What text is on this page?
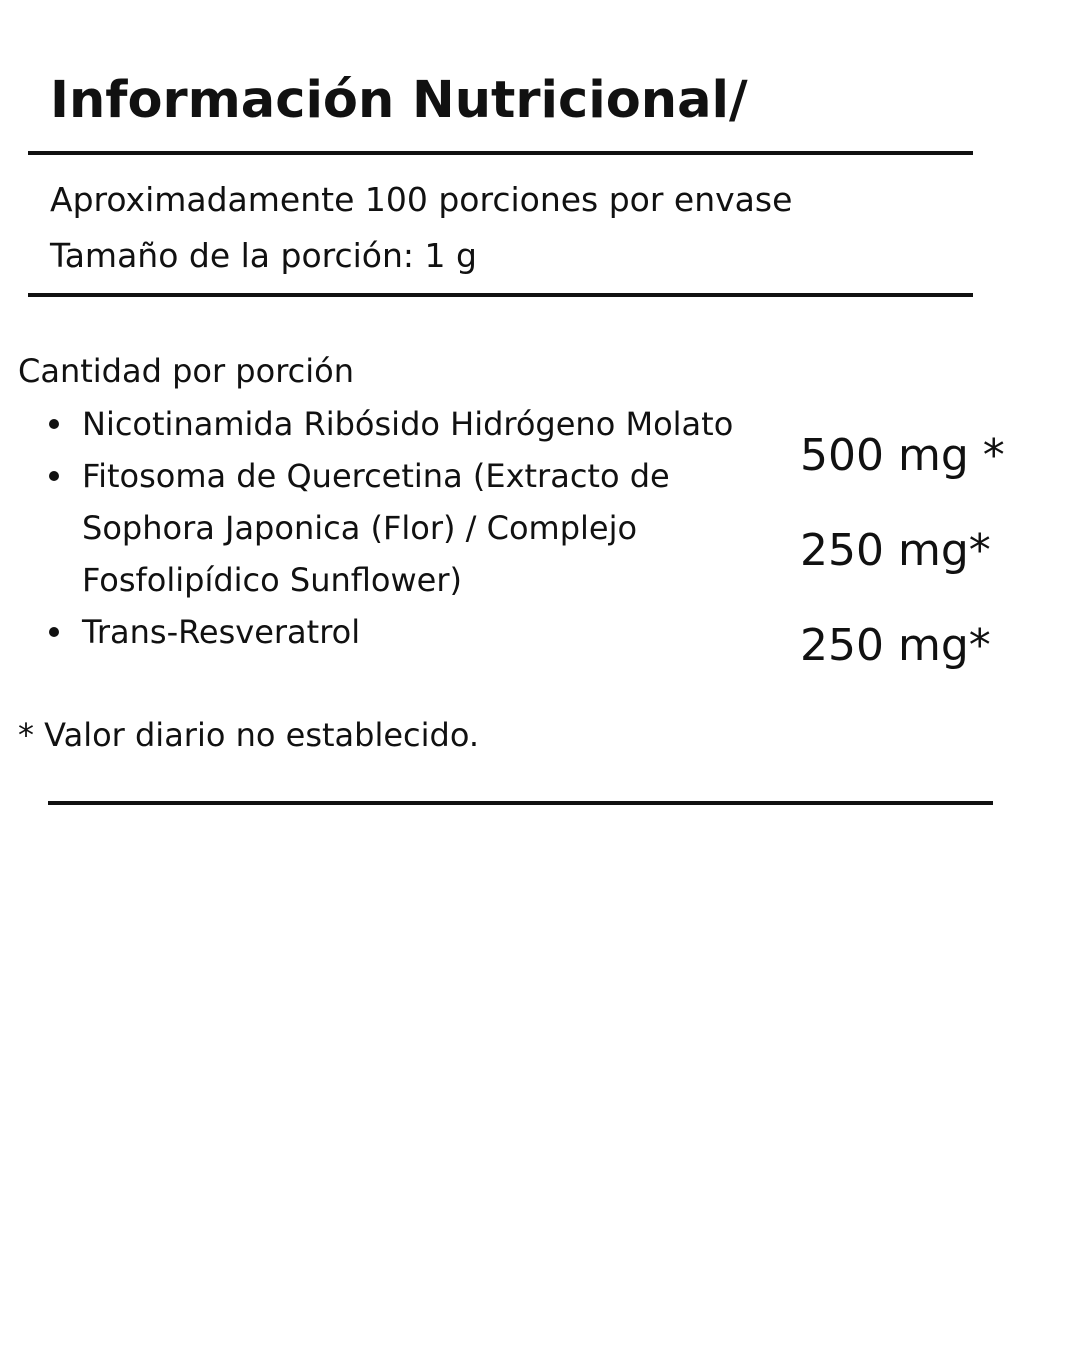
Información Nutricional/
Aproximadamente 100 porciones por envase
Tamaño de la porción: 1 g
Cantidad por porción
Nicotinamida Ribósido Hidrógeno Molato
Fitosoma de Quercetina (Extracto de Sophora Japonica (Flor) / Complejo Fosfolipídico Sunflower)
Trans-Resveratrol
500 mg *
250 mg*
250 mg*
* Valor diario no establecido.
